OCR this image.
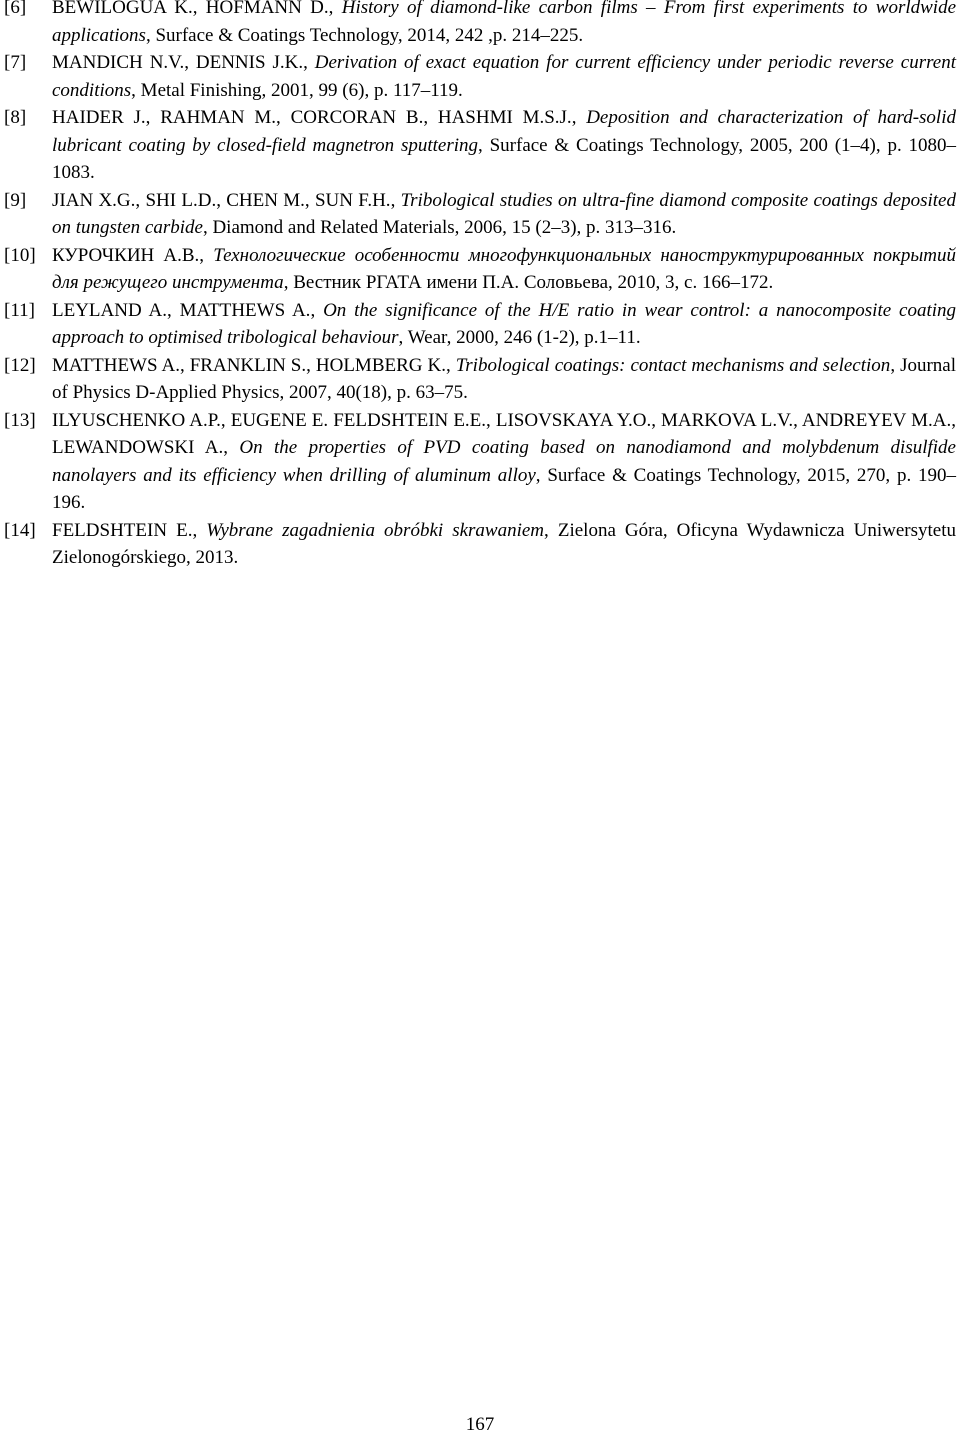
[6]	BEWILOGUA K., HOFMANN D., History of diamond-like carbon films – From first experiments to worldwide applications, Surface & Coatings Technology, 2014, 242 ,p. 214–225.

[7]	MANDICH N.V., DENNIS J.K., Derivation of exact equation for current efficiency under periodic reverse current conditions, Metal Finishing, 2001, 99 (6), p. 117–119.

[8]	HAIDER J., RAHMAN M., CORCORAN B., HASHMI M.S.J., Deposition and characterization of hard-solid lubricant coating by closed-field magnetron sputtering, Surface & Coatings Technology, 2005, 200 (1–4), p. 1080–1083.

[9]	JIAN X.G., SHI L.D., CHEN M., SUN F.H., Tribological studies on ultra-fine diamond composite coatings deposited on tungsten carbide, Diamond and Related Materials, 2006, 15 (2–3), p. 313–316.

[10] КУРОЧКИН А.В., Технологические особенности многофункциональных наноструктурированных покрытий для режущего инструмента, Вестник РГАТА имени П.А. Соловьева, 2010, 3, с. 166–172.

[11] LEYLAND A., MATTHEWS A., On the significance of the H/E ratio in wear control: a nanocomposite coating approach to optimised tribological behaviour, Wear, 2000, 246 (1-2), p.1–11.

[12] MATTHEWS A., FRANKLIN S., HOLMBERG K., Tribological coatings: contact mechanisms and selection, Journal of Physics D-Applied Physics, 2007, 40(18), p. 63–75.

[13] ILYUSCHENKO A.P., EUGENE E. FELDSHTEIN E.E., LISOVSKAYA Y.O., MARKOVA L.V., ANDREYEV M.A., LEWANDOWSKI A., On the properties of PVD coating based on nanodiamond and molybdenum disulfide nanolayers and its efficiency when drilling of aluminum alloy, Surface & Coatings Technology, 2015, 270, p. 190–196.

[14] FELDSHTEIN E., Wybrane zagadnienia obróbki skrawaniem, Zielona Góra, Oficyna Wydawnicza Uniwersytetu Zielonogórskiego, 2013.

167
